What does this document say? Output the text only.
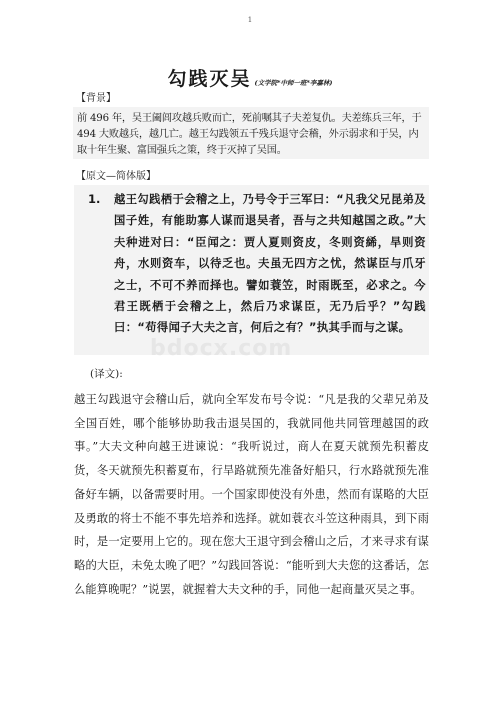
1
勾践灭吴 (文学院*中师一班*李嘉林)
【背景】

前 496 年，吴王阖闾攻越兵败而亡，死前嘱其子夫差复仇。夫差练兵三年，于 494 大败越兵，越几亡。越王勾践领五千残兵退守会稽，外示弱求和于吴，内取十年生聚、富国强兵之策，终于灭掉了吴国。

【原文—简体版】
1. 越王勾践栖于会稽之上，乃号令于三军曰：“凡我父兄昆弟及国子姓，有能助寡人谋而退吴者，吾与之共知越国之政。”大夫种进对曰：“臣闻之：贾人夏则资皮，冬则资絺，旱则资舟，水则资车，以待乏也。夫虽无四方之忧，然谋臣与爪牙之士，不可不养而择也。譬如蓑笠，时雨既至，必求之。今君王既栖于会稽之上，然后乃求谋臣，无乃后乎？”勾践曰：“苟得闻子大夫之言，何后之有？”执其手而与之谋。

bdocx.com
(译文):

越王勾践退守会稽山后，就向全军发布号令说：“凡是我的父辈兄弟及全国百姓，哪个能够协助我击退吴国的，我就同他共同管理越国的政事。”大夫文种向越王进谏说：“我听说过，商人在夏天就预先积蓄皮货，冬天就预先积蓄夏布，行旱路就预先准备好船只，行水路就预先准备好车辆，以备需要时用。一个国家即使没有外患，然而有谋略的大臣及勇敢的将士不能不事先培养和选择。就如蓑衣斗笠这种雨具，到下雨时，是一定要用上它的。现在您大王退守到会稽山之后，才来寻求有谋略的大臣，未免太晚了吧？”勾践回答说：“能听到大夫您的这番话，怎么能算晚呢？”说罢，就握着大夫文种的手，同他一起商量灭吴之事。
